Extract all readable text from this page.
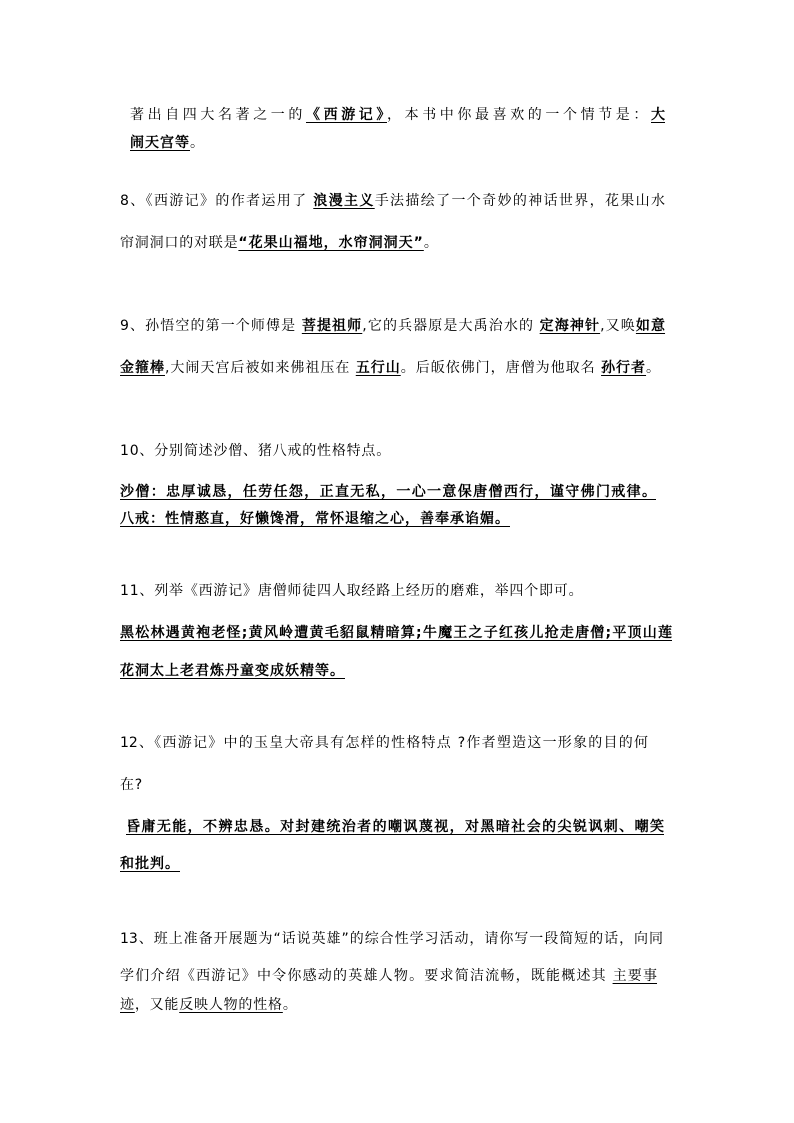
著出自四大名著之一的《西游记》，本书中你最喜欢的一个情节是：大
闹天宫等。
8、《西游记》的作者运用了 浪漫主义手法描绘了一个奇妙的神话世界，花果山水
帘洞洞口的对联是“花果山福地，水帘洞洞天”。
9、孙悟空的第一个师傅是 菩提祖师,它的兵器原是大禹治水的 定海神针,又唤如意
金箍棒,大闹天宫后被如来佛祖压在 五行山。后皈依佛门，唐僧为他取名 孙行者。
10、分别简述沙僧、猪八戒的性格特点。
沙僧：忠厚诚恳，任劳任怨，正直无私，一心一意保唐僧西行，谨守佛门戒律。
八戒：性情憨直，好懒馋滑，常怀退缩之心，善奉承谄媚。
11、列举《西游记》唐僧师徒四人取经路上经历的磨难，举四个即可。
黑松林遇黄袍老怪;黄风岭遭黄毛貂鼠精暗算;牛魔王之子红孩儿抢走唐僧;平顶山莲
花洞太上老君炼丹童变成妖精等。
12、《西游记》中的玉皇大帝具有怎样的性格特点 ?作者塑造这一形象的目的何
在?
昏庸无能，不辨忠恳。对封建统治者的嘲讽蔑视，对黑暗社会的尖锐讽刺、嘲笑
和批判。
13、班上准备开展题为“话说英雄”的综合性学习活动，请你写一段简短的话，向同
学们介绍《西游记》中令你感动的英雄人物。要求简洁流畅，既能概述其 主要事
迹，又能反映人物的性格。
